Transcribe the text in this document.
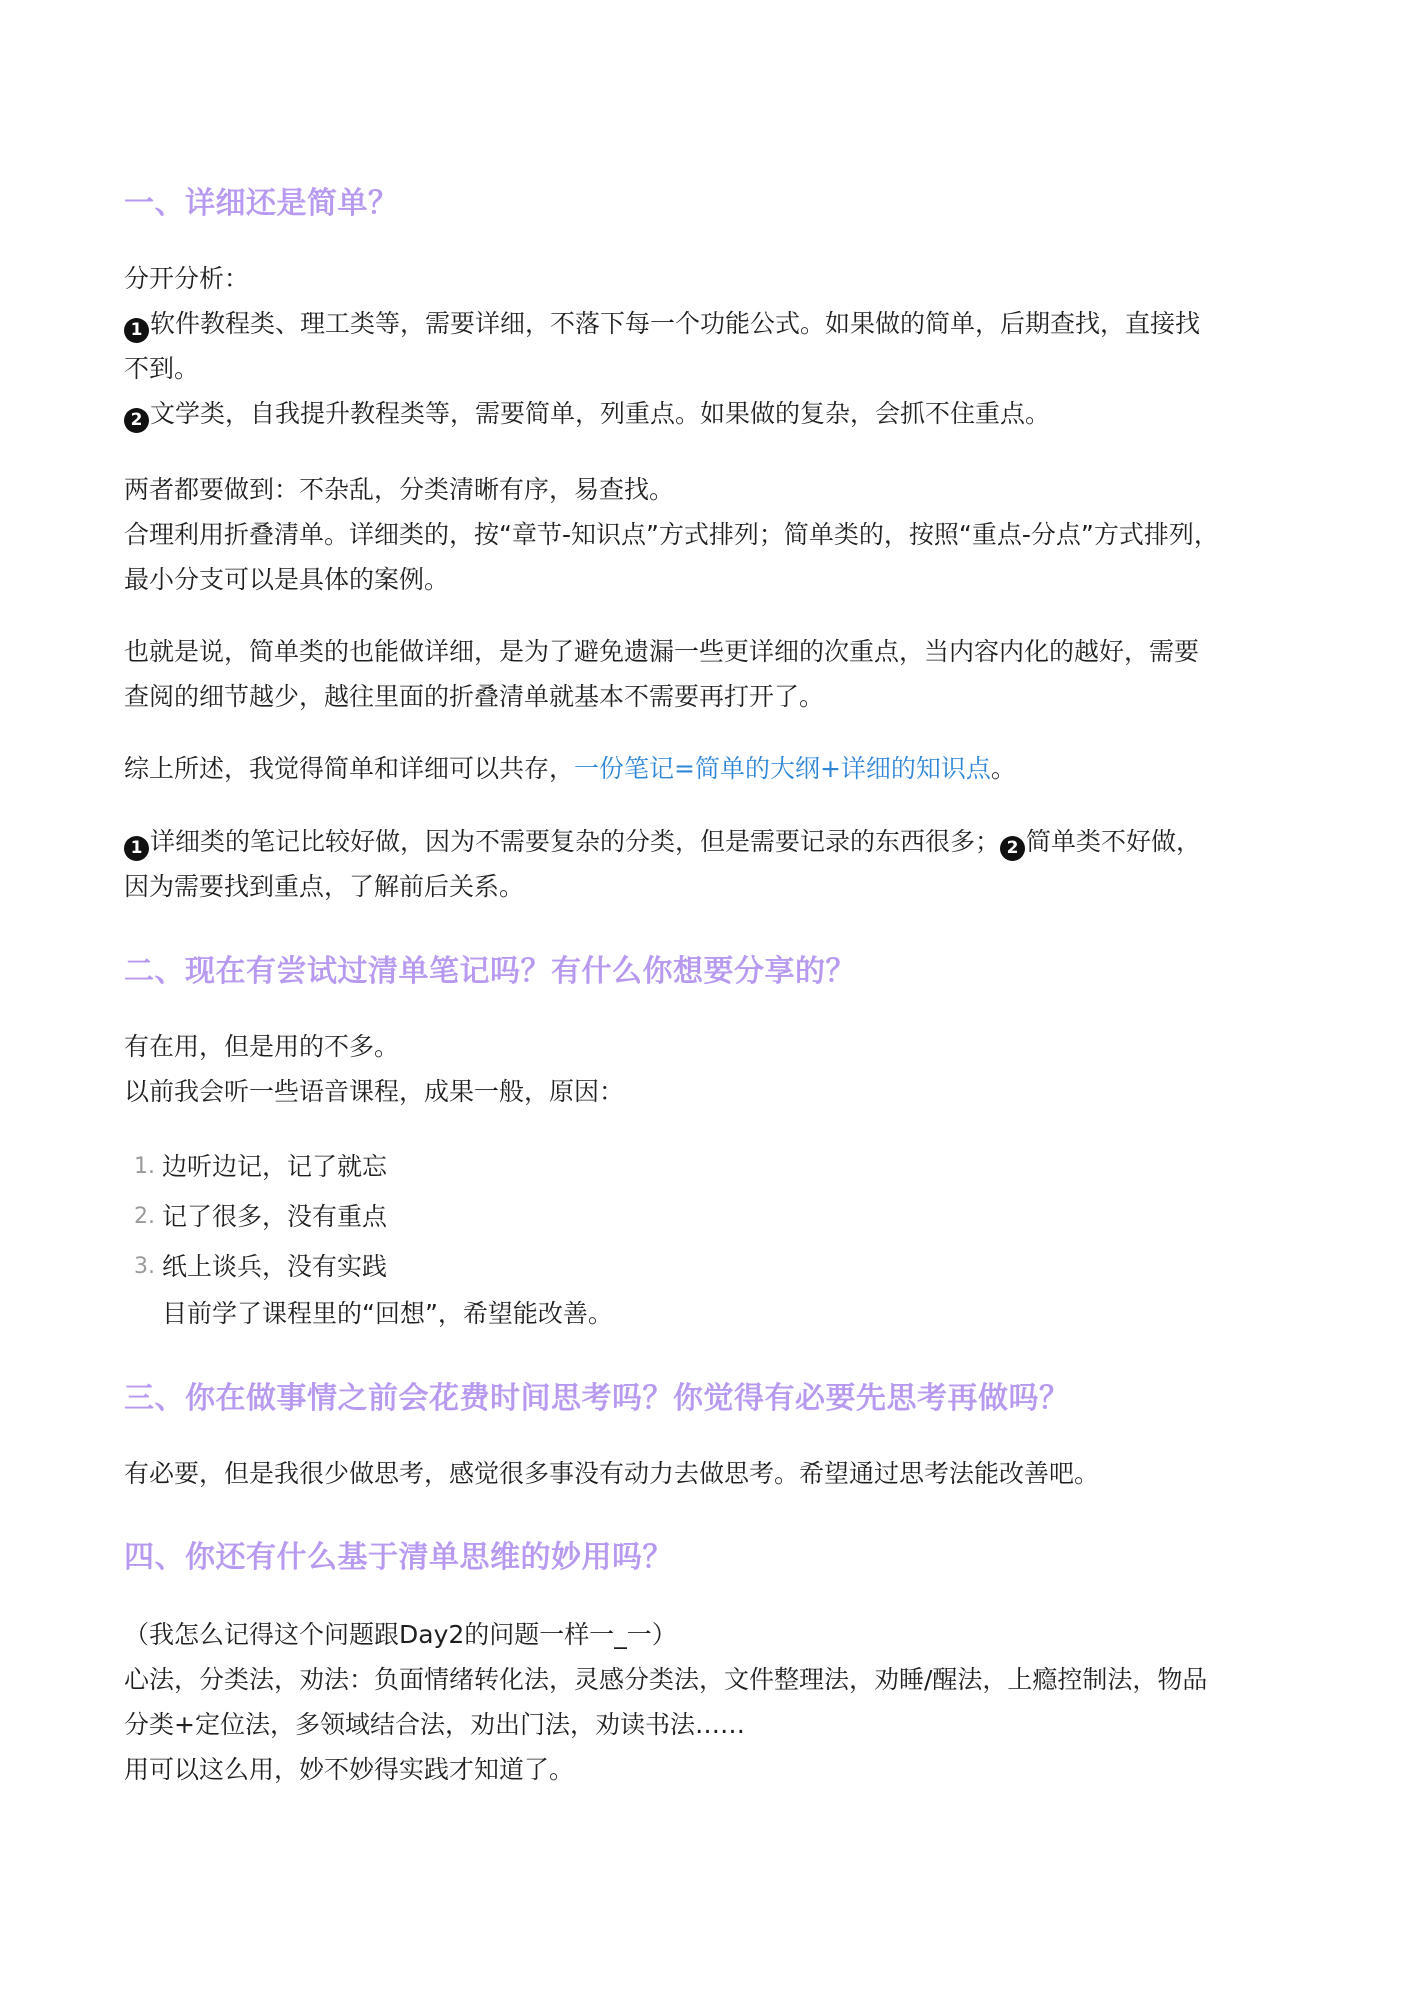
一、详细还是简单？
分开分析：
1 软件教程类、理工类等，需要详细，不落下每一个功能公式。如果做的简单，后期查找，直接找
不到。
2 文学类，自我提升教程类等，需要简单，列重点。如果做的复杂，会抓不住重点。
两者都要做到：不杂乱，分类清晰有序，易查找。
合理利用折叠清单。详细类的，按“章节-知识点”方式排列；简单类的，按照“重点-分点”方式排列，
最小分支可以是具体的案例。
也就是说，简单类的也能做详细，是为了避免遗漏一些更详细的次重点，当内容内化的越好，需要
查阅的细节越少，越往里面的折叠清单就基本不需要再打开了。
综上所述，我觉得简单和详细可以共存，一份笔记=简单的大纲+详细的知识点。
1 详细类的笔记比较好做，因为不需要复杂的分类，但是需要记录的东西很多； 2 简单类不好做，
因为需要找到重点，了解前后关系。
二、现在有尝试过清单笔记吗？有什么你想要分享的？
有在用，但是用的不多。
以前我会听一些语音课程，成果一般，原因：
1. 边听边记，记了就忘
2. 记了很多，没有重点
3. 纸上谈兵，没有实践
目前学了课程里的“回想”，希望能改善。
三、你在做事情之前会花费时间思考吗？你觉得有必要先思考再做吗？
有必要，但是我很少做思考，感觉很多事没有动力去做思考。希望通过思考法能改善吧。
四、你还有什么基于清单思维的妙用吗？
（我怎么记得这个问题跟Day2的问题一样一_一）
心法，分类法，劝法：负面情绪转化法，灵感分类法，文件整理法，劝睡/醒法，上瘾控制法，物品
分类+定位法，多领域结合法，劝出门法，劝读书法……
用可以这么用，妙不妙得实践才知道了。
